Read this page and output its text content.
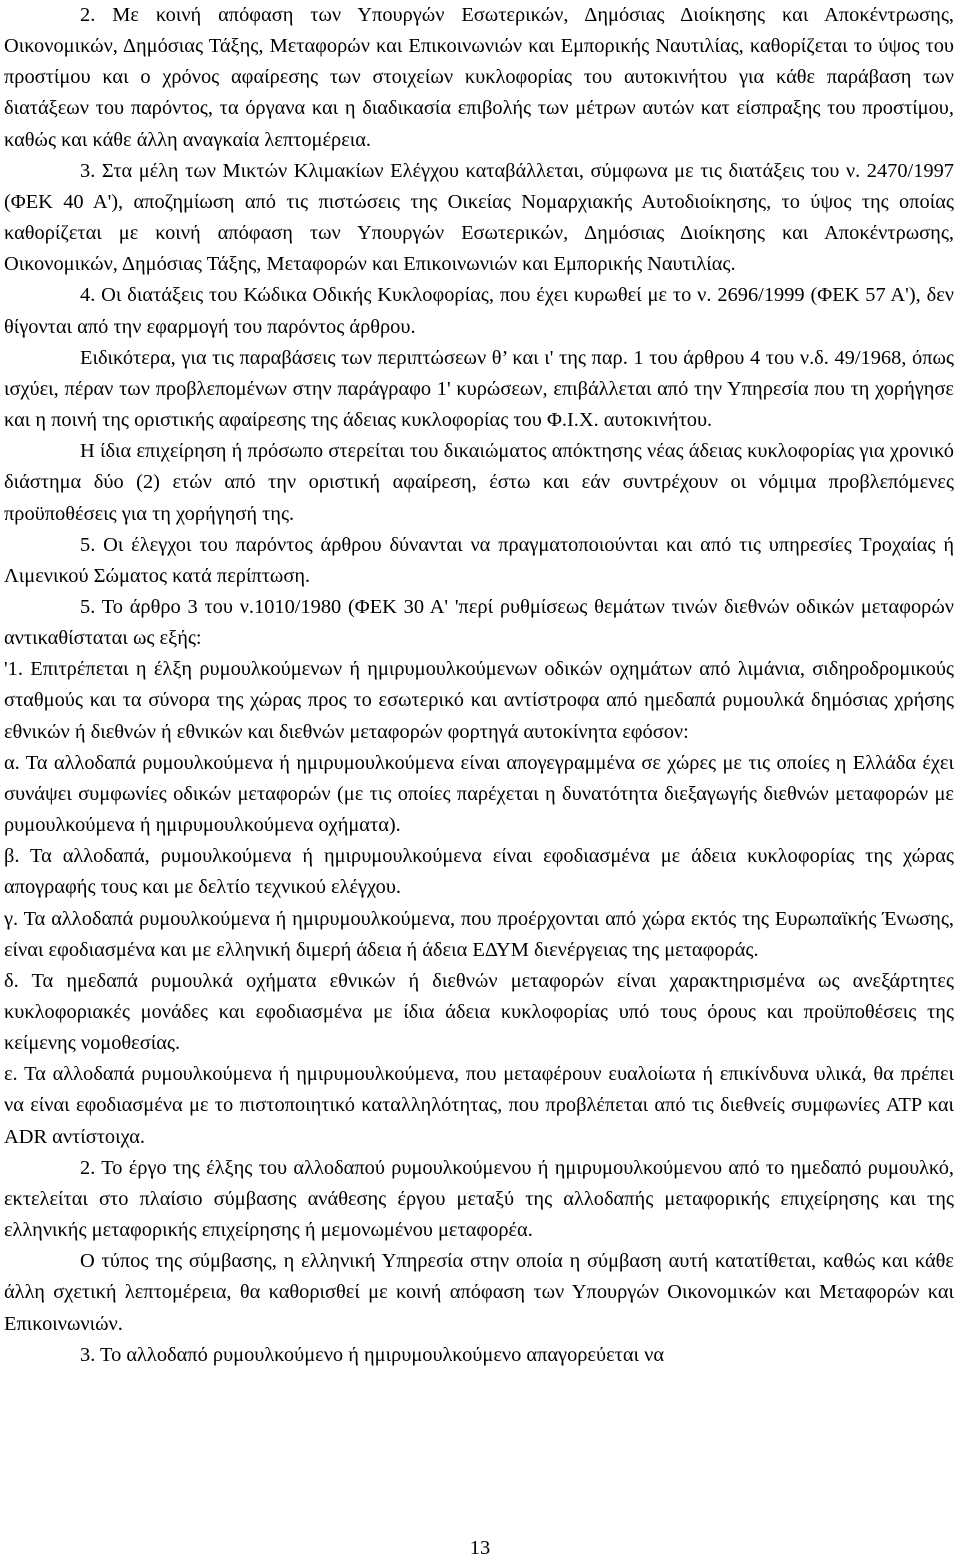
2. Με κοινή απόφαση των Υπουργών Εσωτερικών, Δημόσιας Διοίκησης και Αποκέντρωσης, Οικονομικών, Δημόσιας Τάξης, Μεταφορών και Επικοινωνιών και Εμπορικής Ναυτιλίας, καθορίζεται το ύψος του προστίμου και ο χρόνος αφαίρεσης των στοιχείων κυκλοφορίας του αυτοκινήτου για κάθε παράβαση των διατάξεων του παρόντος, τα όργανα και η διαδικασία επιβολής των μέτρων αυτών κατ είσπραξης του προστίμου, καθώς και κάθε άλλη αναγκαία λεπτομέρεια.

3. Στα μέλη των Μικτών Κλιμακίων Ελέγχου καταβάλλεται, σύμφωνα με τις διατάξεις του ν. 2470/1997 (ΦΕΚ 40 Α'), αποζημίωση από τις πιστώσεις της Οικείας Νομαρχιακής Αυτοδιοίκησης, το ύψος της οποίας καθορίζεται με κοινή απόφαση των Υπουργών Εσωτερικών, Δημόσιας Διοίκησης και Αποκέντρωσης, Οικονομικών, Δημόσιας Τάξης, Μεταφορών και Επικοινωνιών και Εμπορικής Ναυτιλίας.

4. Οι διατάξεις του Κώδικα Οδικής Κυκλοφορίας, που έχει κυρωθεί με το ν. 2696/1999 (ΦΕΚ 57 Α'), δεν θίγονται από την εφαρμογή του παρόντος άρθρου.

Ειδικότερα, για τις παραβάσεις των περιπτώσεων θ’ και ι' της παρ. 1 του άρθρου 4 του ν.δ. 49/1968, όπως ισχύει, πέραν των προβλεπομένων στην παράγραφο 1' κυρώσεων, επιβάλλεται από την Υπηρεσία που τη χορήγησε και η ποινή της οριστικής αφαίρεσης της άδειας κυκλοφορίας του Φ.Ι.Χ. αυτοκινήτου.

Η ίδια επιχείρηση ή πρόσωπο στερείται του δικαιώματος απόκτησης νέας άδειας κυκλοφορίας για χρονικό διάστημα δύο (2) ετών από την οριστική αφαίρεση, έστω και εάν συντρέχουν οι νόμιμα προβλεπόμενες προϋποθέσεις για τη χορήγησή της.

5. Οι έλεγχοι του παρόντος άρθρου δύνανται να πραγματοποιούνται και από τις υπηρεσίες Τροχαίας ή Λιμενικού Σώματος κατά περίπτωση.

5. Το άρθρο 3 του ν.1010/1980 (ΦΕΚ 30 Α' 'περί ρυθμίσεως θεμάτων τινών διεθνών οδικών μεταφορών αντικαθίσταται ως εξής:

'1. Επιτρέπεται η έλξη ρυμουλκούμενων ή ημιρυμουλκούμενων οδικών οχημάτων από λιμάνια, σιδηροδρομικούς σταθμούς και τα σύνορα της χώρας προς το εσωτερικό και αντίστροφα από ημεδαπά ρυμουλκά δημόσιας χρήσης εθνικών ή διεθνών ή εθνικών και διεθνών μεταφορών φορτηγά αυτοκίνητα εφόσον:

α. Τα αλλοδαπά ρυμουλκούμενα ή ημιρυμουλκούμενα είναι απογεγραμμένα σε χώρες με τις οποίες η Ελλάδα έχει συνάψει συμφωνίες οδικών μεταφορών (με τις οποίες παρέχεται η δυνατότητα διεξαγωγής διεθνών μεταφορών με ρυμουλκούμενα ή ημιρυμουλκούμενα οχήματα).

β. Τα αλλοδαπά, ρυμουλκούμενα ή ημιρυμουλκούμενα είναι εφοδιασμένα με άδεια κυκλοφορίας της χώρας απογραφής τους και με δελτίο τεχνικού ελέγχου.

γ. Τα αλλοδαπά ρυμουλκούμενα ή ημιρυμουλκούμενα, που προέρχονται από χώρα εκτός της Ευρωπαϊκής Ένωσης, είναι εφοδιασμένα και με ελληνική διμερή άδεια ή άδεια ΕΔΥΜ διενέργειας της μεταφοράς.

δ. Τα ημεδαπά ρυμουλκά οχήματα εθνικών ή διεθνών μεταφορών είναι χαρακτηρισμένα ως ανεξάρτητες κυκλοφοριακές μονάδες και εφοδιασμένα με ίδια άδεια κυκλοφορίας υπό τους όρους και προϋποθέσεις της κείμενης νομοθεσίας.

ε. Τα αλλοδαπά ρυμουλκούμενα ή ημιρυμουλκούμενα, που μεταφέρουν ευαλοίωτα ή επικίνδυνα υλικά, θα πρέπει να είναι εφοδιασμένα με το πιστοποιητικό καταλληλότητας, που προβλέπεται από τις διεθνείς συμφωνίες ATP και ADR αντίστοιχα.

2. Το έργο της έλξης του αλλοδαπού ρυμουλκούμενου ή ημιρυμουλκούμενου από το ημεδαπό ρυμουλκό, εκτελείται στο πλαίσιο σύμβασης ανάθεσης έργου μεταξύ της αλλοδαπής μεταφορικής επιχείρησης και της ελληνικής μεταφορικής επιχείρησης ή μεμονωμένου μεταφορέα.

Ο τύπος της σύμβασης, η ελληνική Υπηρεσία στην οποία η σύμβαση αυτή κατατίθεται, καθώς και κάθε άλλη σχετική λεπτομέρεια, θα καθορισθεί με κοινή απόφαση των Υπουργών Οικονομικών και Μεταφορών και Επικοινωνιών.

3. Το αλλοδαπό ρυμουλκούμενο ή ημιρυμουλκούμενο απαγορεύεται να

13
